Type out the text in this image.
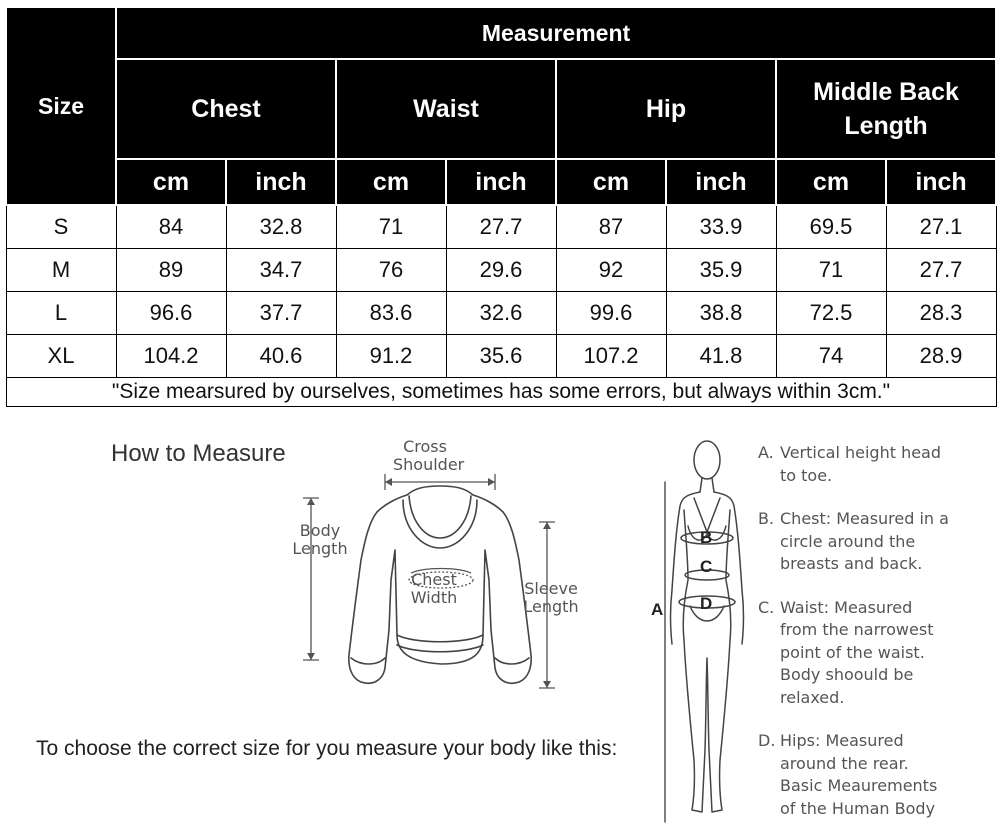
Size	Measurement							
	Chest		Waist		Hip		Middle Back
Length	
	cm	inch	cm	inch	cm	inch	cm	inch
S	84	32.8	71	27.7	87	33.9	69.5	27.1
M	89	34.7	76	29.6	92	35.9	71	27.7
L	96.6	37.7	83.6	32.6	99.6	38.8	72.5	28.3
XL	104.2	40.6	91.2	35.6	107.2	41.8	74	28.9
"Size mearsured by ourselves, sometimes has some errors, but always within 3cm."								
How to Measure
To choose the correct size for you measure your body like this:
Cross
Shoulder
Body
Length
Chest
Width	Sleeve
Length
B
C
D
A
A. Vertical height head
to toe.
B. Chest: Measured in a
circle around the
breasts and back.
C. Waist: Measured
from the narrowest
point of the waist.
Body shoould be
relaxed.
D. Hips: Measured
around the rear.
Basic Meaurements
of the Human Body
